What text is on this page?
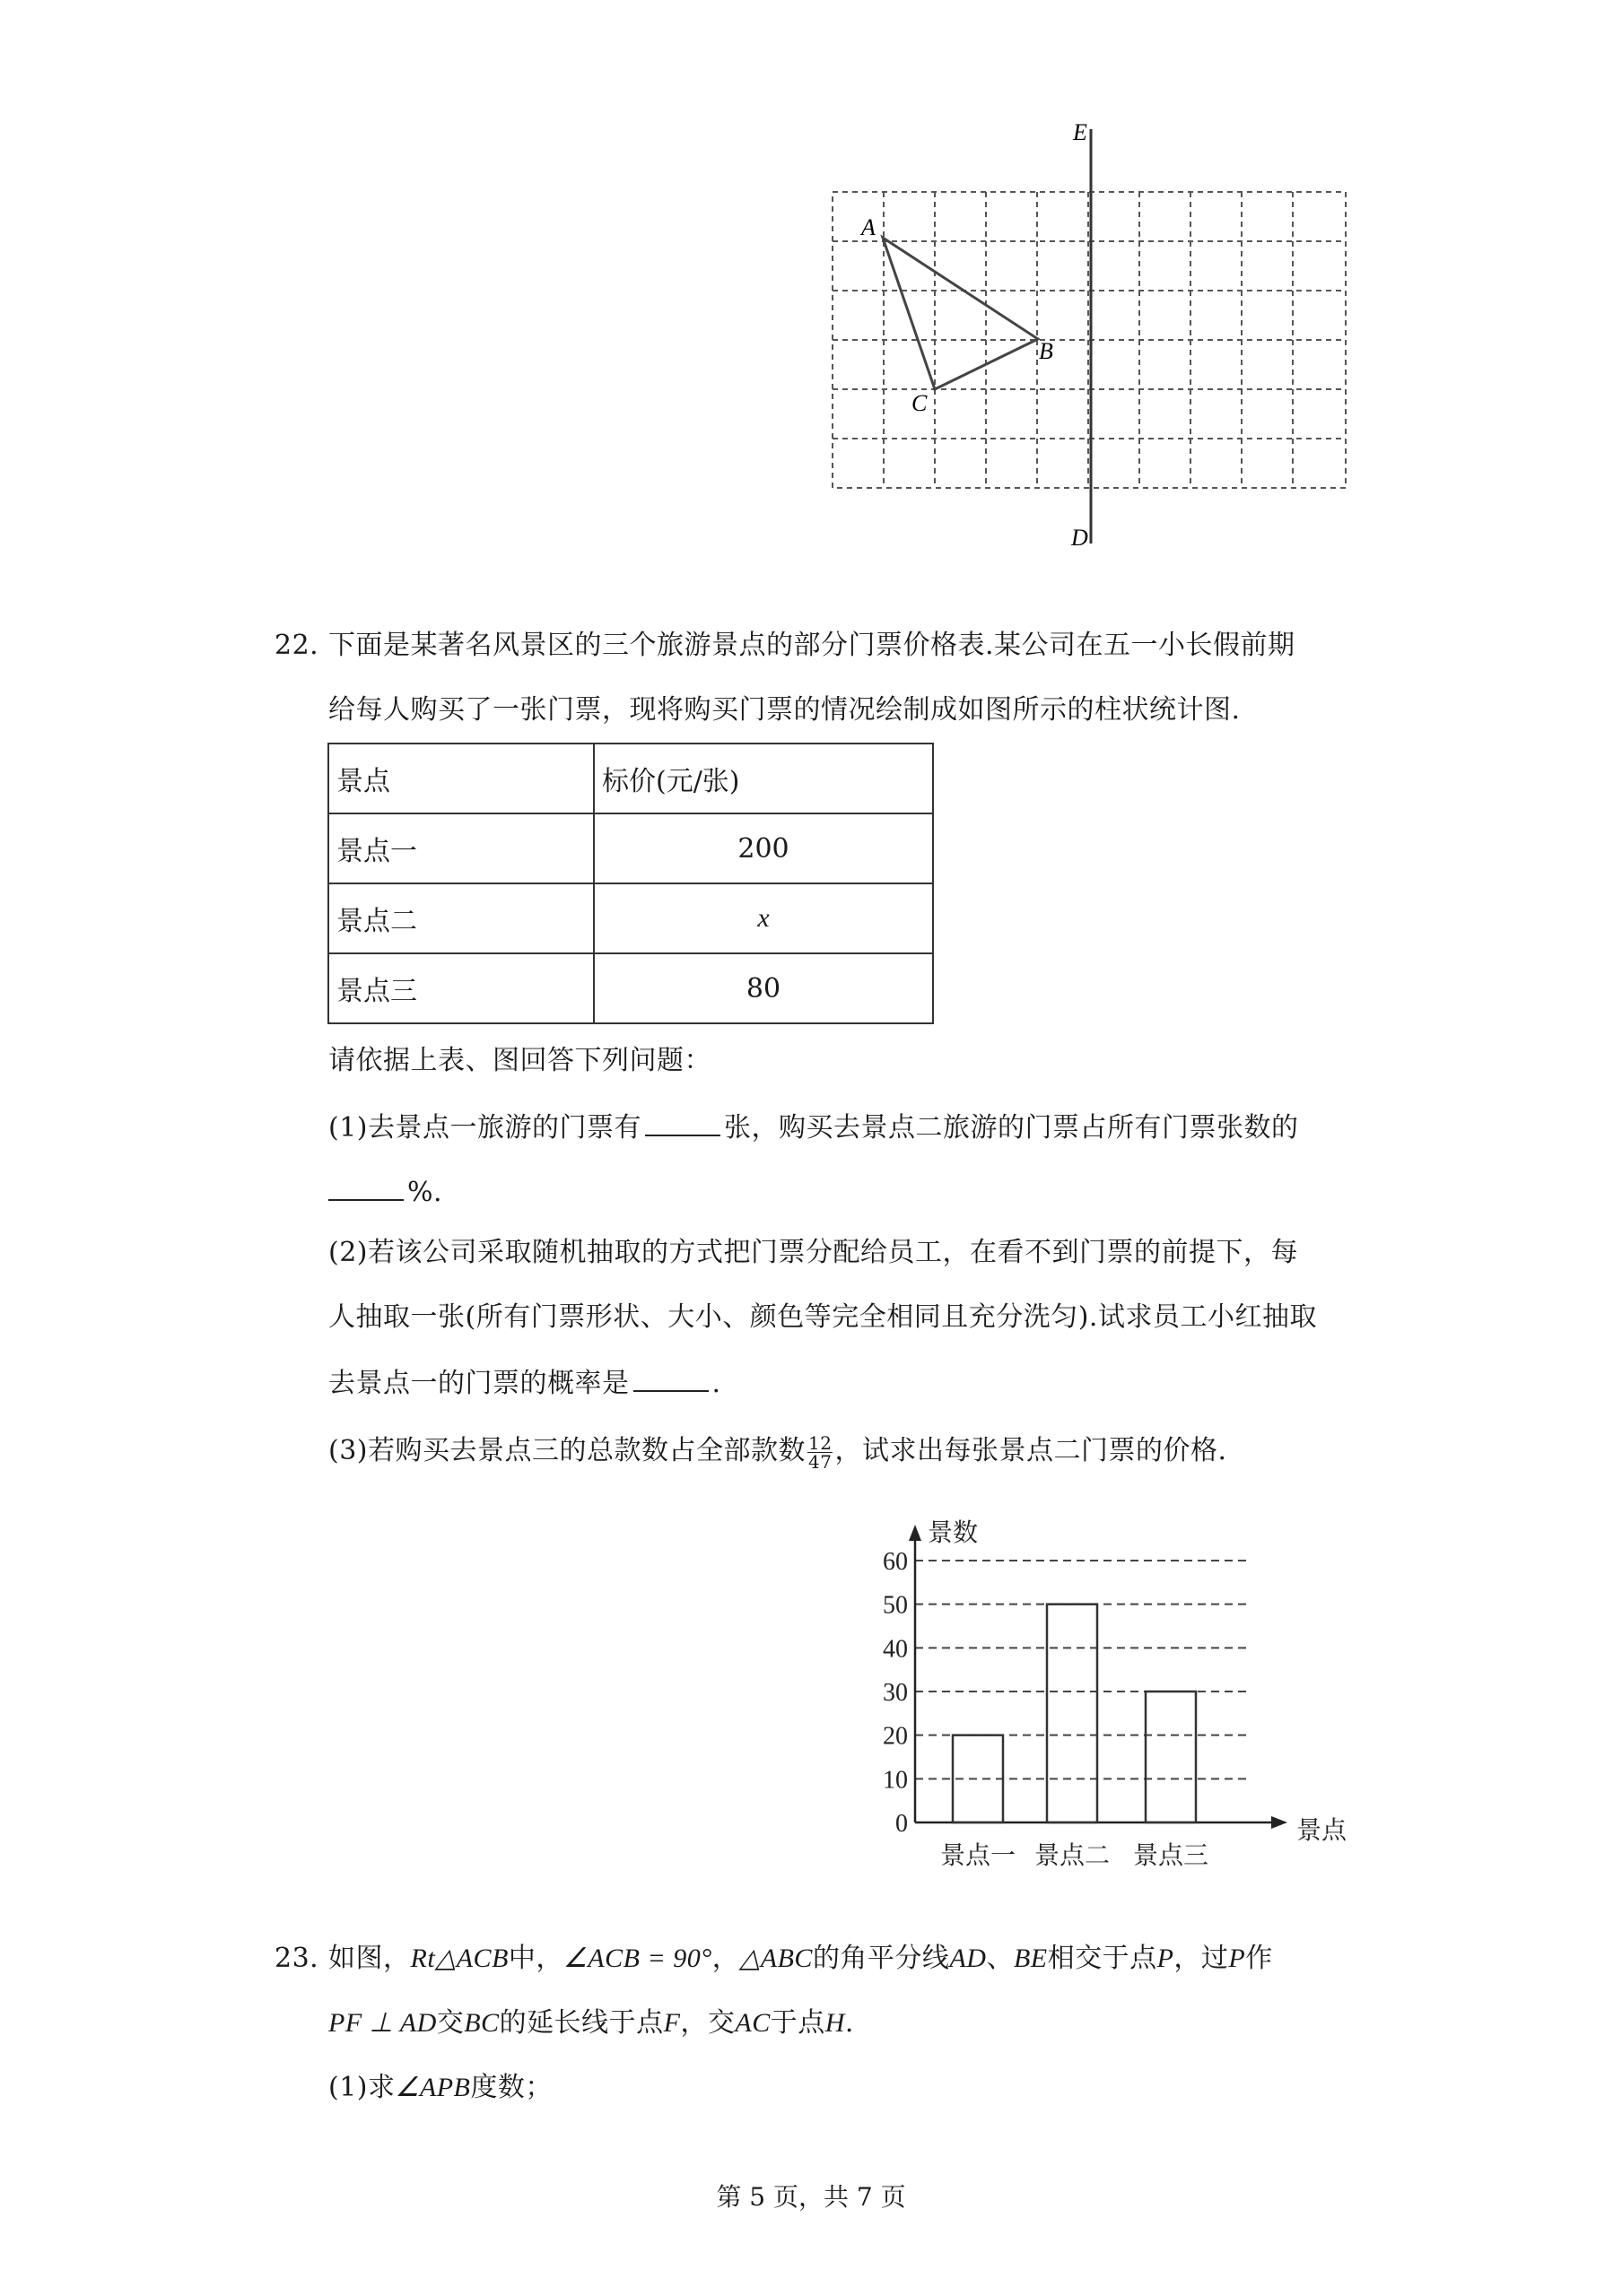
E
D
A
B
C
22. 下面是某著名风景区的三个旅游景点的部分门票价格表.某公司在五一小长假前期
给每人购买了一张门票，现将购买门票的情况绘制成如图所示的柱状统计图.
景点	标价(元/张)
景点一	200
景点二	x
景点三	80
请依据上表、图回答下列问题：
(1)去景点一旅游的门票有	张，购买去景点二旅游的门票占所有门票张数的
%.
(2)若该公司采取随机抽取的方式把门票分配给员工，在看不到门票的前提下，每
人抽取一张(所有门票形状、大小、颜色等完全相同且充分洗匀).试求员工小红抽取
去景点一的门票的概率是	.
(3)若购买去景点三的总款数占全部款数 $\frac{12}{47}$ ，试求出每张景点二门票的价格.
0
10
20
30
40
50
60
景数
景点
景点一 景点二 景点三
23. 如图，Rt△ACB中，∠ACB = 90°，△ABC的角平分线AD、BE相交于点P，过P作
PF ⊥ AD交BC的延长线于点F，交AC于点H.
(1)求∠APB度数；
第 5 页，共 7 页
